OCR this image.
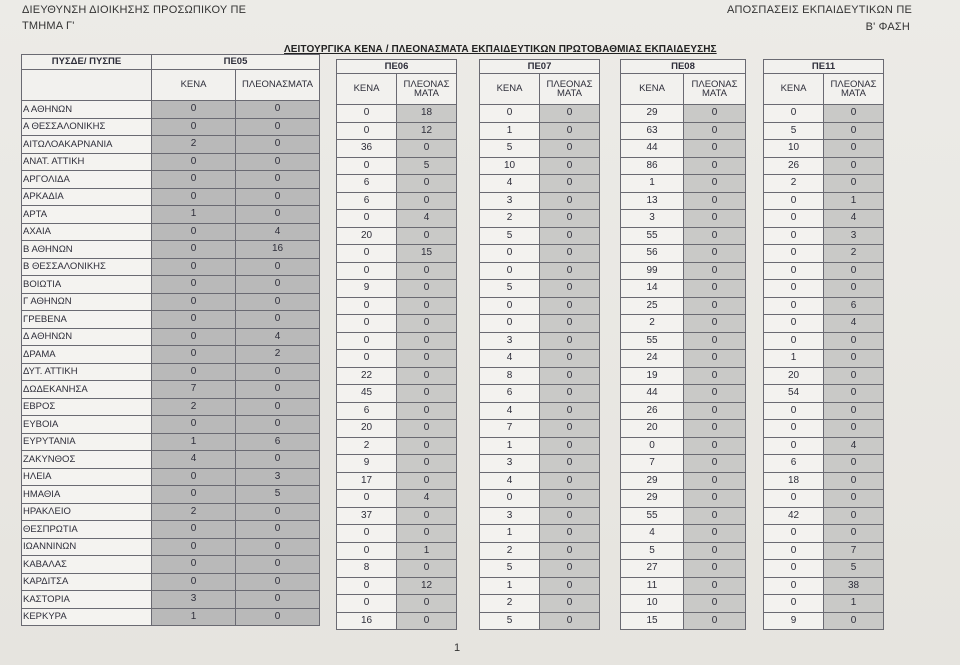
ΔΙΕΥΘΥΝΣΗ ΔΙΟΙΚΗΣΗΣ ΠΡΟΣΩΠΙΚΟΥ ΠΕ
ΤΜΗΜΑ Γ'
ΑΠΟΣΠΑΣΕΙΣ ΕΚΠΑΙΔΕΥΤΙΚΩΝ ΠΕ
Β' ΦΑΣΗ
ΛΕΙΤΟΥΡΓΙΚΑ ΚΕΝΑ / ΠΛΕΟΝΑΣΜΑΤΑ ΕΚΠΑΙΔΕΥΤΙΚΩΝ ΠΡΩΤΟΒΑΘΜΙΑΣ ΕΚΠΑΙΔΕΥΣΗΣ
ΠΥΣΔΕ/ ΠΥΣΠΕ	ΠΕ05	
	ΚΕΝΑ	ΠΛΕΟΝΑΣΜΑΤΑ
Α ΑΘΗΝΩΝ	0	0
Α ΘΕΣΣΑΛΟΝΙΚΗΣ	0	0
ΑΙΤΩΛΟΑΚΑΡΝΑΝΙΑ	2	0
ΑΝΑΤ. ΑΤΤΙΚΗ	0	0
ΑΡΓΟΛΙΔΑ	0	0
ΑΡΚΑΔΙΑ	0	0
ΑΡΤΑ	1	0
ΑΧΑΙΑ	0	4
Β ΑΘΗΝΩΝ	0	16
Β ΘΕΣΣΑΛΟΝΙΚΗΣ	0	0
ΒΟΙΩΤΙΑ	0	0
Γ ΑΘΗΝΩΝ	0	0
ΓΡΕΒΕΝΑ	0	0
Δ ΑΘΗΝΩΝ	0	4
ΔΡΑΜΑ	0	2
ΔΥΤ. ΑΤΤΙΚΗ	0	0
ΔΩΔΕΚΑΝΗΣΑ	7	0
ΕΒΡΟΣ	2	0
ΕΥΒΟΙΑ	0	0
ΕΥΡΥΤΑΝΙΑ	1	6
ΖΑΚΥΝΘΟΣ	4	0
ΗΛΕΙΑ	0	3
ΗΜΑΘΙΑ	0	5
ΗΡΑΚΛΕΙΟ	2	0
ΘΕΣΠΡΩΤΙΑ	0	0
ΙΩΑΝΝΙΝΩΝ	0	0
ΚΑΒΑΛΑΣ	0	0
ΚΑΡΔΙΤΣΑ	0	0
ΚΑΣΤΟΡΙΑ	3	0
ΚΕΡΚΥΡΑ	1	0
ΠΕ06	
ΚΕΝΑ	ΠΛΕΟΝΑΣ
ΜΑΤΑ
0	18
0	12
36	0
0	5
6	0
6	0
0	4
20	0
0	15
0	0
9	0
0	0
0	0
0	0
0	0
22	0
45	0
6	0
20	0
2	0
9	0
17	0
0	4
37	0
0	0
0	1
8	0
0	12
0	0
16	0
ΠΕ07	
ΚΕΝΑ	ΠΛΕΟΝΑΣ
ΜΑΤΑ
0	0
1	0
5	0
10	0
4	0
3	0
2	0
5	0
0	0
0	0
5	0
0	0
0	0
3	0
4	0
8	0
6	0
4	0
7	0
1	0
3	0
4	0
0	0
3	0
1	0
2	0
5	0
1	0
2	0
5	0
ΠΕ08	
ΚΕΝΑ	ΠΛΕΟΝΑΣ
ΜΑΤΑ
29	0
63	0
44	0
86	0
1	0
13	0
3	0
55	0
56	0
99	0
14	0
25	0
2	0
55	0
24	0
19	0
44	0
26	0
20	0
0	0
7	0
29	0
29	0
55	0
4	0
5	0
27	0
11	0
10	0
15	0
ΠΕ11	
ΚΕΝΑ	ΠΛΕΟΝΑΣ
ΜΑΤΑ
0	0
5	0
10	0
26	0
2	0
0	1
0	4
0	3
0	2
0	0
0	0
0	6
0	4
0	0
1	0
20	0
54	0
0	0
0	0
0	4
6	0
18	0
0	0
42	0
0	0
0	7
0	5
0	38
0	1
9	0
1
